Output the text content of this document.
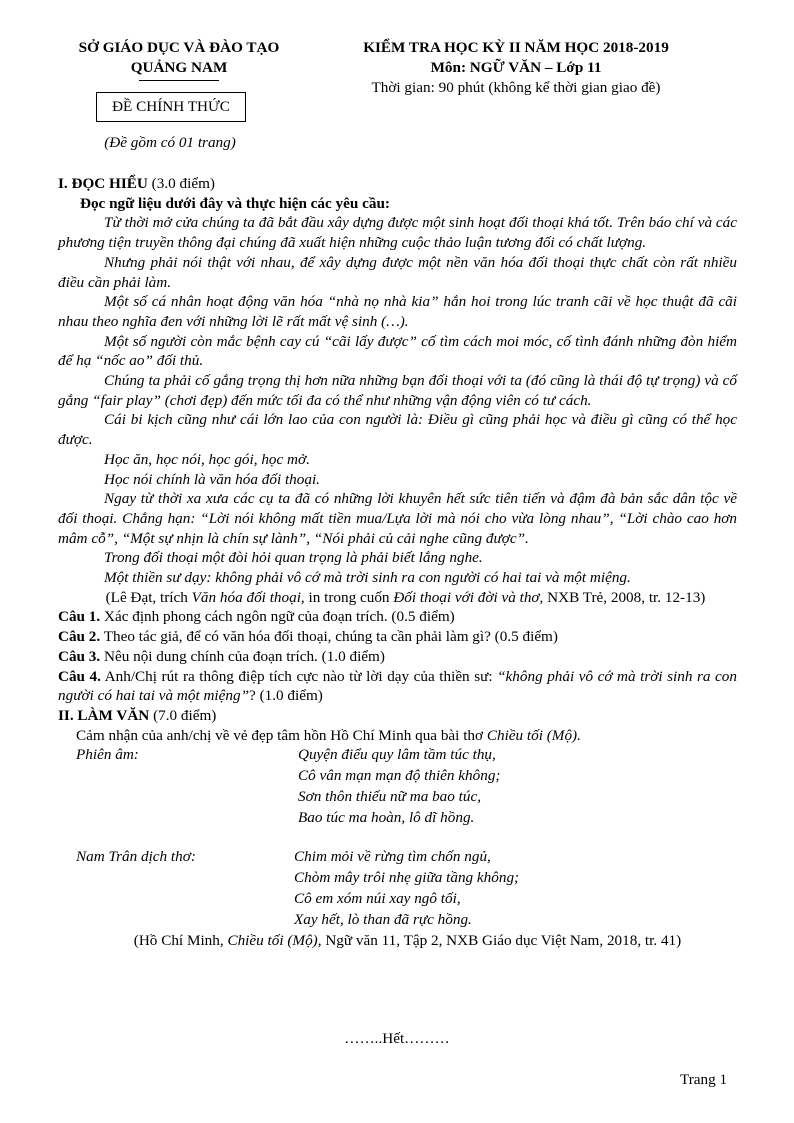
SỞ GIÁO DỤC VÀ ĐÀO TẠO
QUẢNG NAM
ĐỀ CHÍNH THỨC
(Đề gồm có 01 trang)
KIỂM TRA HỌC KỲ II NĂM HỌC 2018-2019
Môn: NGỮ VĂN – Lớp 11
Thời gian: 90 phút (không kể thời gian giao đề)

I. ĐỌC HIỂU (3.0 điểm)

Đọc ngữ liệu dưới đây và thực hiện các yêu cầu:

Từ thời mở cửa chúng ta đã bắt đầu xây dựng được một sinh hoạt đối thoại khá tốt. Trên báo chí và các phương tiện truyền thông đại chúng đã xuất hiện những cuộc thảo luận tương đối có chất lượng.

Nhưng phải nói thật với nhau, để xây dựng được một nền văn hóa đối thoại thực chất còn rất nhiều điều cần phải làm.

Một số cá nhân hoạt động văn hóa “nhà nọ nhà kia” hắn hoi trong lúc tranh cãi về học thuật đã cãi nhau theo nghĩa đen với những lời lẽ rất mất vệ sinh (…).

Một số người còn mắc bệnh cay cú “cãi lấy được” cố tìm cách moi móc, cố tình đánh những đòn hiểm để hạ “nốc ao” đối thủ.

Chúng ta phải cố gắng trọng thị hơn nữa những bạn đối thoại với ta (đó cũng là thái độ tự trọng) và cố gắng “fair play” (chơi đẹp) đến mức tối đa có thể như những vận động viên có tư cách.

Cái bi kịch cũng như cái lớn lao của con người là: Điều gì cũng phải học và điều gì cũng có thể học được.

Học ăn, học nói, học gói, học mở.

Học nói chính là văn hóa đối thoại.

Ngay từ thời xa xưa các cụ ta đã có những lời khuyên hết sức tiên tiến và đậm đà bản sắc dân tộc về đối thoại. Chẳng hạn: “Lời nói không mất tiền mua/Lựa lời mà nói cho vừa lòng nhau”, “Lời chào cao hơn mâm cỗ”, “Một sự nhịn là chín sự lành”, “Nói phải củ cải nghe cũng được”.

Trong đối thoại một đòi hỏi quan trọng là phải biết lắng nghe.

Một thiền sư dạy: không phải vô cớ mà trời sinh ra con người có hai tai và một miệng.

(Lê Đạt, trích Văn hóa đối thoại, in trong cuốn Đối thoại với đời và thơ, NXB Trẻ, 2008, tr. 12-13)

Câu 1. Xác định phong cách ngôn ngữ của đoạn trích. (0.5 điểm)

Câu 2. Theo tác giả, để có văn hóa đối thoại, chúng ta cần phải làm gì? (0.5 điểm)

Câu 3. Nêu nội dung chính của đoạn trích. (1.0 điểm)

Câu 4. Anh/Chị rút ra thông điệp tích cực nào từ lời dạy của thiền sư: “không phải vô cớ mà trời sinh ra con người có hai tai và một miệng”? (1.0 điểm)

II. LÀM VĂN (7.0 điểm)

Cảm nhận của anh/chị về vẻ đẹp tâm hồn Hồ Chí Minh qua bài thơ Chiều tối (Mộ).

Phiên âm:	Quyện điểu quy lâm tầm túc thụ,
Cô vân mạn mạn độ thiên không;
Sơn thôn thiếu nữ ma bao túc,
Bao túc ma hoàn, lô dĩ hồng.
Nam Trân dịch thơ:	Chim mỏi về rừng tìm chốn ngủ,
Chòm mây trôi nhẹ giữa tầng không;
Cô em xóm núi xay ngô tối,
Xay hết, lò than đã rực hồng.

(Hồ Chí Minh, Chiều tối (Mộ), Ngữ văn 11, Tập 2, NXB Giáo dục Việt Nam, 2018, tr. 41)

……..Hết………
Trang 1
